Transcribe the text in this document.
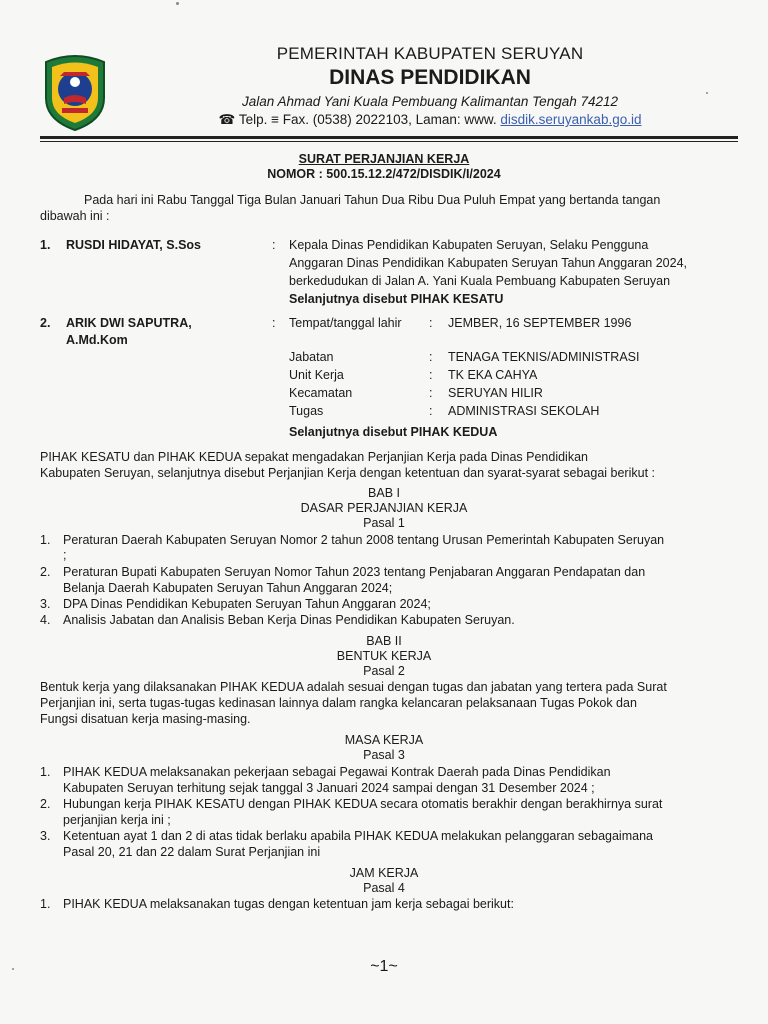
PEMERINTAH KABUPATEN SERUYAN
DINAS PENDIDIKAN
Jalan Ahmad Yani Kuala Pembuang Kalimantan Tengah 74212
☎ Telp. ≡ Fax. (0538) 2022103, Laman: www. disdik.seruyankab.go.id
SURAT PERJANJIAN KERJA
NOMOR : 500.15.12.2/472/DISDIK/I/2024
Pada hari ini Rabu Tanggal Tiga Bulan Januari Tahun Dua Ribu Dua Puluh Empat yang bertanda tangan
dibawah ini :
1. RUSDI HIDAYAT, S.Sos	: Kepala Dinas Pendidikan Kabupaten Seruyan, Selaku Pengguna
Anggaran Dinas Pendidikan Kabupaten Seruyan Tahun Anggaran 2024,
berkedudukan di Jalan A. Yani Kuala Pembuang Kabupaten Seruyan
Selanjutnya disebut PIHAK KESATU
2. ARIK DWI SAPUTRA,
A.Md.Kom
: Tempat/tanggal lahir : JEMBER, 16 SEPTEMBER 1996
Jabatan	: TENAGA TEKNIS/ADMINISTRASI
Unit Kerja	: TK EKA CAHYA
Kecamatan	: SERUYAN HILIR
Tugas	: ADMINISTRASI SEKOLAH
Selanjutnya disebut PIHAK KEDUA
PIHAK KESATU dan PIHAK KEDUA sepakat mengadakan Perjanjian Kerja pada Dinas Pendidikan
Kabupaten Seruyan, selanjutnya disebut Perjanjian Kerja dengan ketentuan dan syarat-syarat sebagai berikut :
BAB I
DASAR PERJANJIAN KERJA
Pasal 1
1. Peraturan Daerah Kabupaten Seruyan Nomor 2 tahun 2008 tentang Urusan Pemerintah Kabupaten Seruyan
;
2. Peraturan Bupati Kabupaten Seruyan Nomor Tahun 2023 tentang Penjabaran Anggaran Pendapatan dan
Belanja Daerah Kabupaten Seruyan Tahun Anggaran 2024;
3. DPA Dinas Pendidikan Kebupaten Seruyan Tahun Anggaran 2024;
4. Analisis Jabatan dan Analisis Beban Kerja Dinas Pendidikan Kabupaten Seruyan.
BAB II
BENTUK KERJA
Pasal 2
Bentuk kerja yang dilaksanakan PIHAK KEDUA adalah sesuai dengan tugas dan jabatan yang tertera pada Surat
Perjanjian ini, serta tugas-tugas kedinasan lainnya dalam rangka kelancaran pelaksanaan Tugas Pokok dan
Fungsi disatuan kerja masing-masing.
MASA KERJA
Pasal 3
1. PIHAK KEDUA melaksanakan pekerjaan sebagai Pegawai Kontrak Daerah pada Dinas Pendidikan
Kabupaten Seruyan terhitung sejak tanggal 3 Januari 2024 sampai dengan 31 Desember 2024 ;
2. Hubungan kerja PIHAK KESATU dengan PIHAK KEDUA secara otomatis berakhir dengan berakhirnya surat
perjanjian kerja ini ;
3. Ketentuan ayat 1 dan 2 di atas tidak berlaku apabila PIHAK KEDUA melakukan pelanggaran sebagaimana
Pasal 20, 21 dan 22 dalam Surat Perjanjian ini
JAM KERJA
Pasal 4
1. PIHAK KEDUA melaksanakan tugas dengan ketentuan jam kerja sebagai berikut:
~1~
